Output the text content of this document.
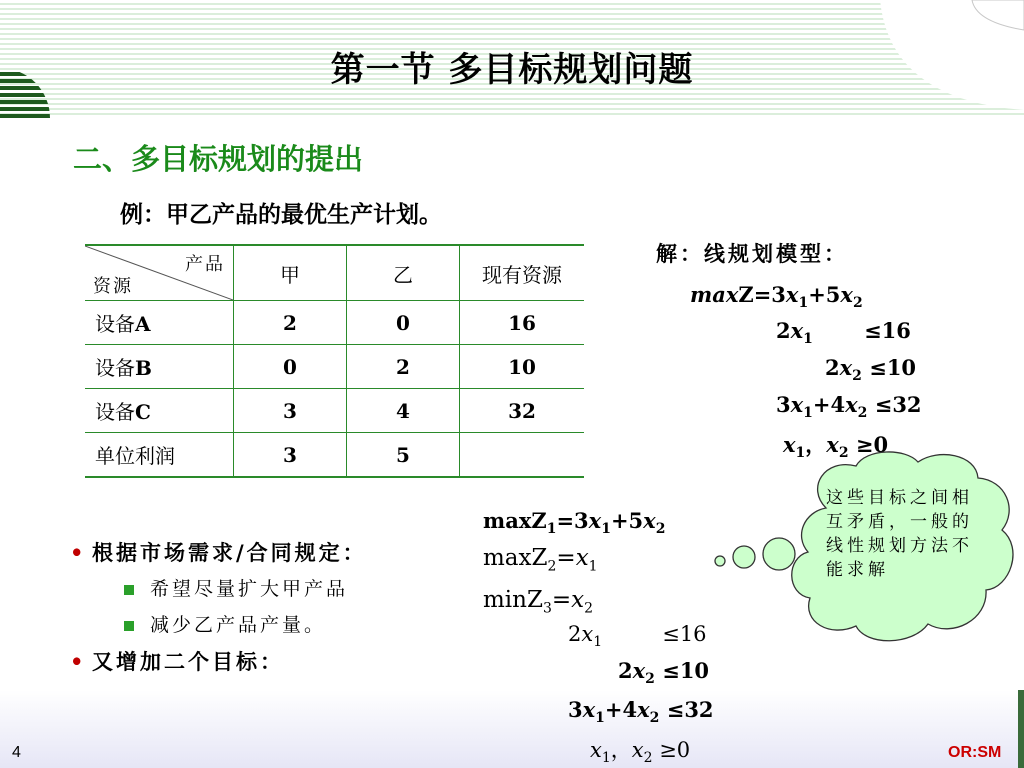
第一节 多目标规划问题
二、多目标规划的提出
例：甲乙产品的最优生产计划。
产品
资源	甲	乙	现有资源
设备A	2	0	16
设备B	0	2	10
设备C	3	4	32
单位利润	3	5	
解：线规划模型：
$\max Z=3x_1+5x_2$
$2x_1$       ≤16
$2x_2 \le 10$
$3x_1+4x_2 \le 32$
$x_1$，$x_2 \ge 0$
• 根据市场需求/合同规定：
希望尽量扩大甲产品
减少乙产品产量。
• 又增加二个目标：
$\max Z_1=3x_1+5x_2$
$\max Z_2=x_1$
$\min Z_3=x_2$
$2x_1$         ≤16
$2x_2 \le 10$
$3x_1+4x_2 \le 32$
$x_1$，$x_2 \ge 0$
这些目标之间相互矛盾，一般的线性规划方法不能求解
4	OR:SM
